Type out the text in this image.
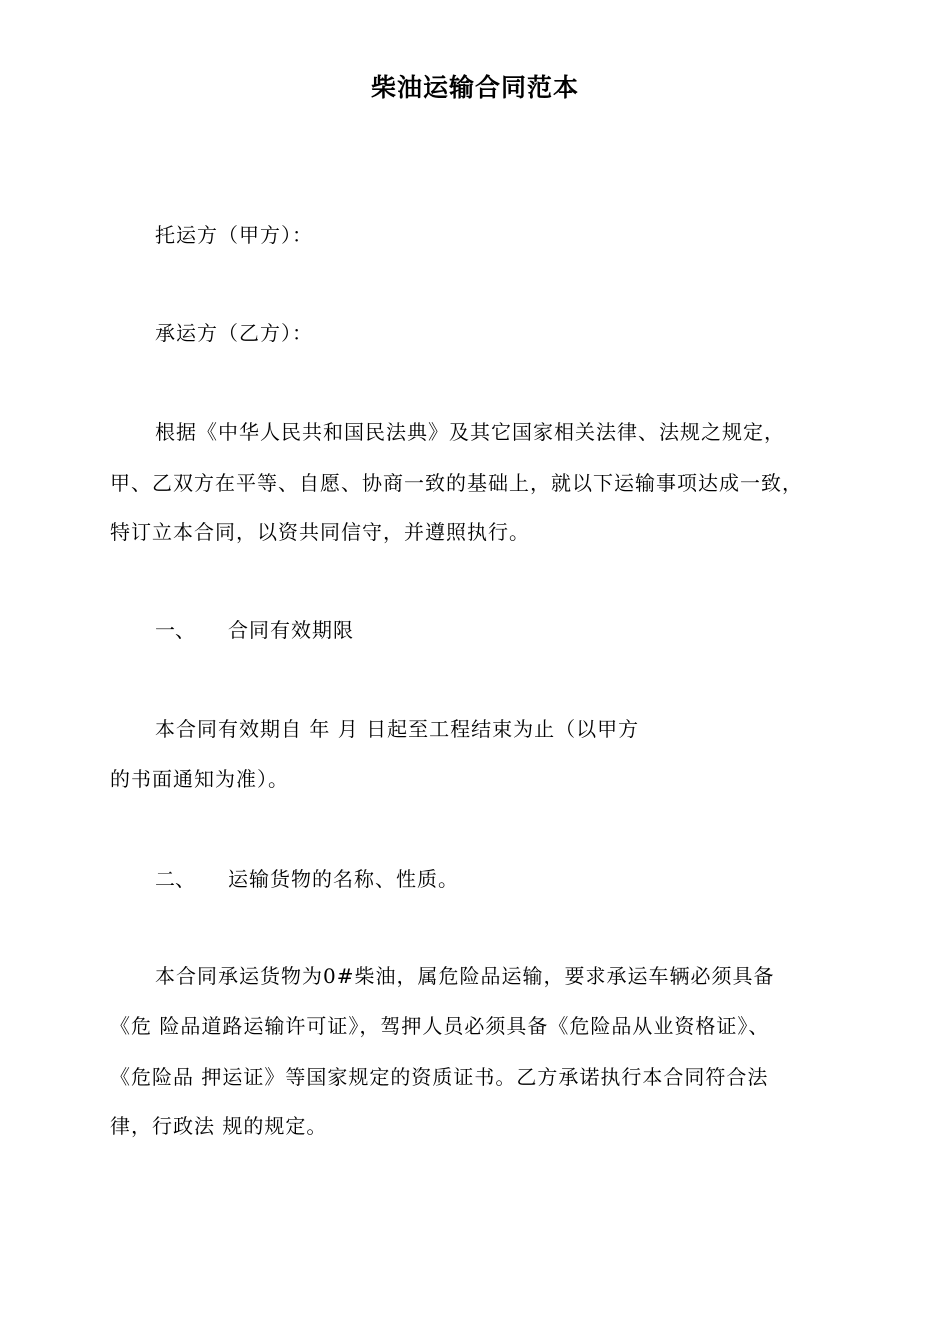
柴油运输合同范本
托运方（甲方）：
承运方（乙方）：
根据《中华人民共和国民法典》及其它国家相关法律、法规之规定，
甲、乙双方在平等、自愿、协商一致的基础上，就以下运输事项达成一致，
特订立本合同，以资共同信守，并遵照执行。
一、 合同有效期限
本合同有效期自 年 月 日起至工程结束为止（以甲方
的书面通知为准）。
二、 运输货物的名称、性质。
本合同承运货物为0#柴油，属危险品运输，要求承运车辆必须具备
《危 险品道路运输许可证》，驾押人员必须具备《危险品从业资格证》、
《危险品 押运证》等国家规定的资质证书。乙方承诺执行本合同符合法
律，行政法 规的规定。
